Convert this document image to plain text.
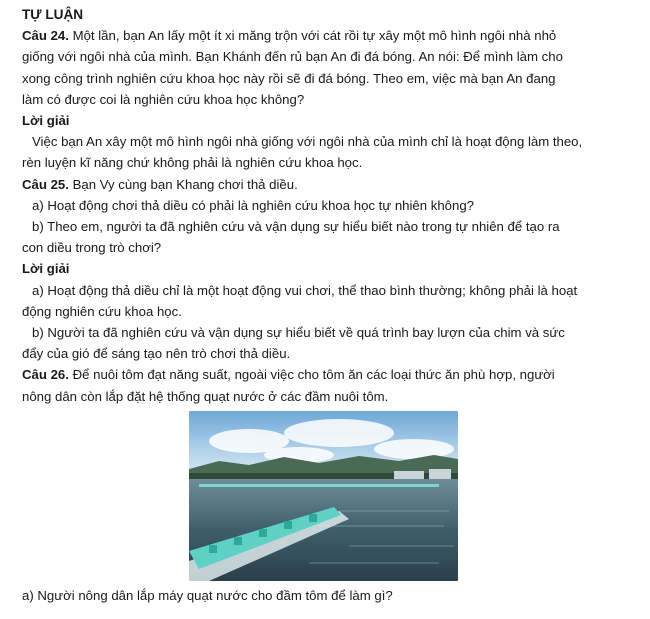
TỰ LUẬN
Câu 24. Một lần, bạn An lấy một ít xi măng trộn với cát rồi tự xây một mô hình ngôi nhà nhỏ
giống với ngôi nhà của mình. Bạn Khánh đến rủ bạn An đi đá bóng. An nói: Để mình làm cho
xong công trình nghiên cứu khoa học này rồi sẽ đi đá bóng. Theo em, việc mà bạn An đang
làm có được coi là nghiên cứu khoa học không?
Lời giải
Việc bạn An xây một mô hình ngôi nhà giống với ngôi nhà của mình chỉ là hoạt động làm theo,
rèn luyện kĩ năng chứ không phải là nghiên cứu khoa học.
Câu 25. Bạn Vy cùng bạn Khang chơi thả diều.
a) Hoạt động chơi thả diều có phải là nghiên cứu khoa học tự nhiên không?
b) Theo em, người ta đã nghiên cứu và vận dụng sự hiểu biết nào trong tự nhiên để tạo ra
con diều trong trò chơi?
Lời giải
a) Hoạt động thả diều chỉ là một hoạt động vui chơi, thể thao bình thường; không phải là hoạt
động nghiên cứu khoa học.
b) Người ta đã nghiên cứu và vận dụng sự hiểu biết về quá trình bay lượn của chim và sức
đẩy của gió để sáng tạo nên trò chơi thả diều.
Câu 26. Để nuôi tôm đạt năng suất, ngoài việc cho tôm ăn các loại thức ăn phù hợp, người
nông dân còn lắp đặt hệ thống quạt nước ở các đầm nuôi tôm.
a) Người nông dân lắp máy quạt nước cho đầm tôm để làm gì?
